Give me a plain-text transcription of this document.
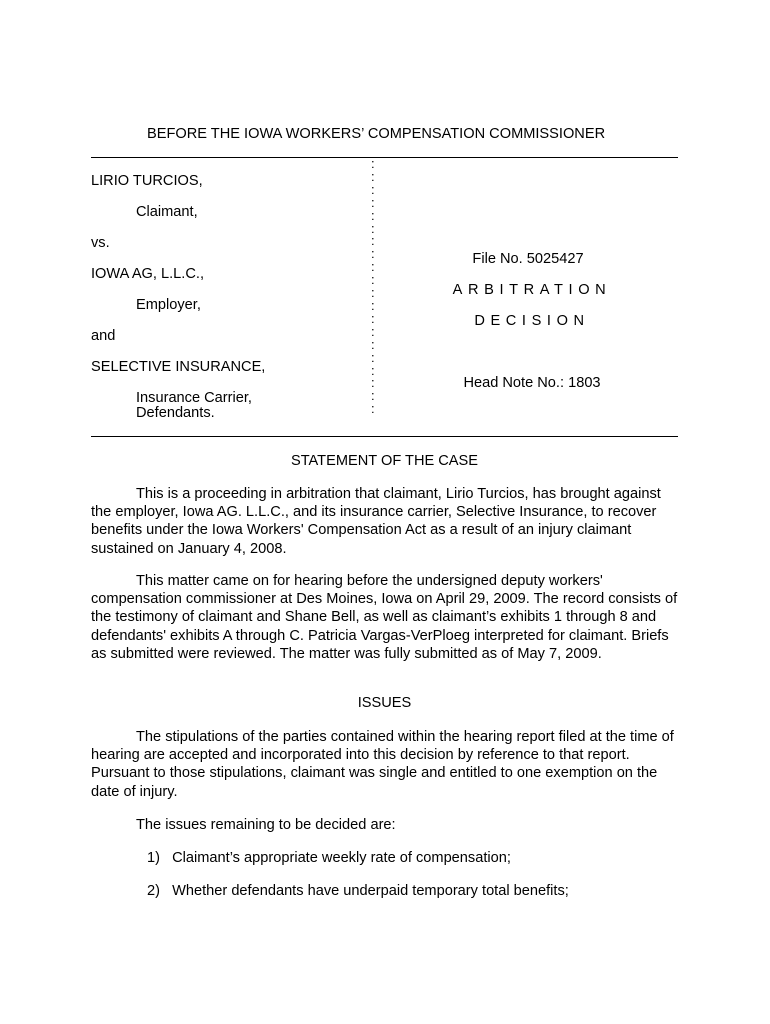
BEFORE THE IOWA WORKERS’ COMPENSATION COMMISSIONER
LIRIO TURCIOS,
Claimant,
vs.
IOWA AG, L.L.C.,
Employer,
and
SELECTIVE INSURANCE,
Insurance Carrier,
Defendants.
:
:
:
:
:
:
:
:
:
:
:
:
:
:
:
:
:
:
:
:
File No. 5025427
ARBITRATION
DECISION
Head Note No.: 1803
STATEMENT OF THE CASE
This is a proceeding in arbitration that claimant, Lirio Turcios, has brought against the employer, Iowa AG. L.L.C., and its insurance carrier, Selective Insurance, to recover benefits under the Iowa Workers' Compensation Act as a result of an injury claimant sustained on January 4, 2008.
This matter came on for hearing before the undersigned deputy workers' compensation commissioner at Des Moines, Iowa on April 29, 2009. The record consists of the testimony of claimant and Shane Bell, as well as claimant’s exhibits 1 through 8 and defendants' exhibits A through C. Patricia Vargas-VerPloeg interpreted for claimant. Briefs as submitted were reviewed. The matter was fully submitted as of May 7, 2009.
ISSUES
The stipulations of the parties contained within the hearing report filed at the time of hearing are accepted and incorporated into this decision by reference to that report. Pursuant to those stipulations, claimant was single and entitled to one exemption on the date of injury.
The issues remaining to be decided are:
1) Claimant’s appropriate weekly rate of compensation;
2) Whether defendants have underpaid temporary total benefits;
